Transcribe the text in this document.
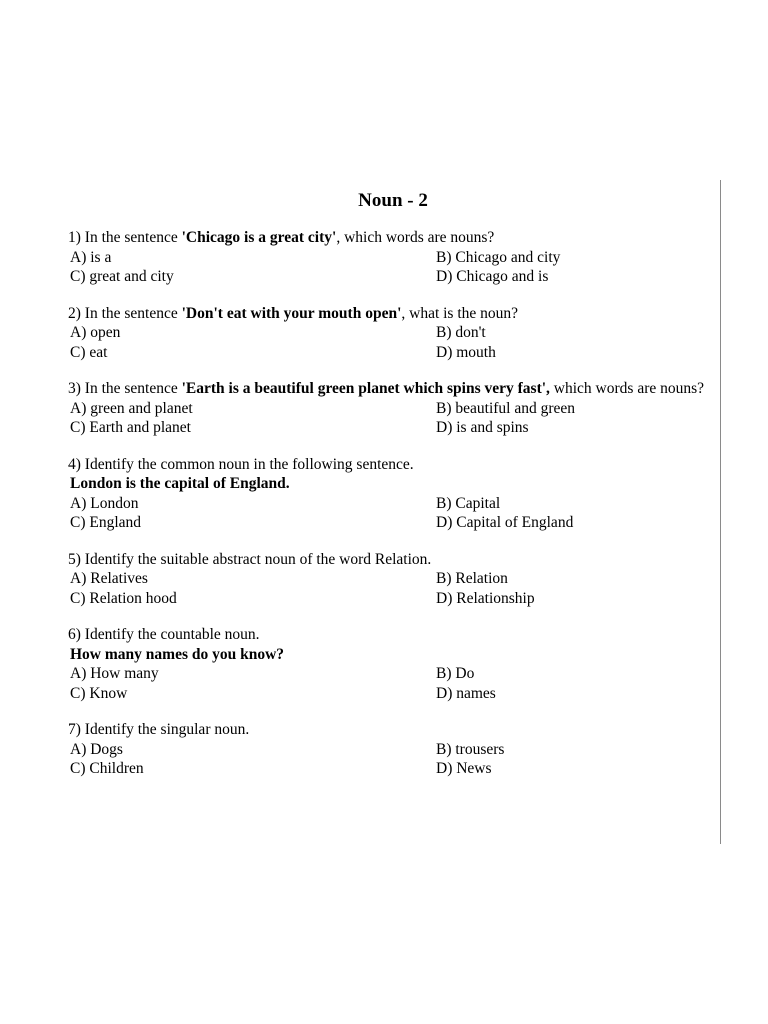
Noun - 2

1) In the sentence 'Chicago is a great city', which words are nouns?

A) is a	B) Chicago and city
C) great and city	D) Chicago and is

2) In the sentence 'Don't eat with your mouth open', what is the noun?

A) open	B) don't
C) eat	D) mouth

3) In the sentence 'Earth is a beautiful green planet which spins very fast', which words are nouns?

A) green and planet	B) beautiful and green
C) Earth and planet	D) is and spins

4) Identify the common noun in the following sentence.

London is the capital of England.

A) London	B) Capital
C) England	D) Capital of England

5) Identify the suitable abstract noun of the word Relation.

A) Relatives	B) Relation
C) Relation hood	D) Relationship

6) Identify the countable noun.

How many names do you know?

A) How many	B) Do
C) Know	D) names

7) Identify the singular noun.

A) Dogs	B) trousers
C) Children	D) News
